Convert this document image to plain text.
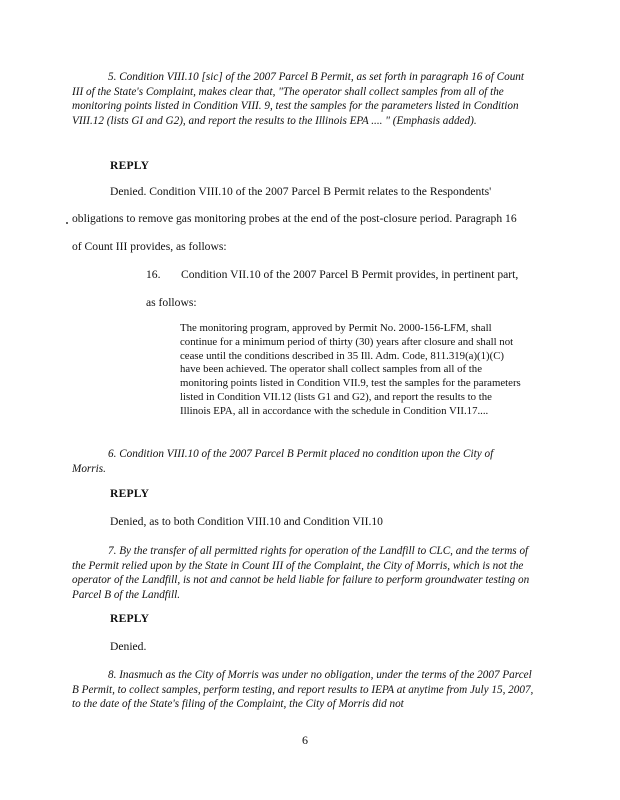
5. Condition VIII.10 [sic] of the 2007 Parcel B Permit, as set forth in paragraph 16 of Count III of the State's Complaint, makes clear that, "The operator shall collect samples from all of the monitoring points listed in Condition VIII. 9, test the samples for the parameters listed in Condition VIII.12 (lists GI and G2), and report the results to the Illinois EPA .... " (Emphasis added).

REPLY

Denied. Condition VIII.10 of the 2007 Parcel B Permit relates to the Respondents'

obligations to remove gas monitoring probes at the end of the post-closure period. Paragraph 16

of Count III provides, as follows:

16. Condition VII.10 of the 2007 Parcel B Permit provides, in pertinent part,

as follows:

The monitoring program, approved by Permit No. 2000-156-LFM, shall continue for a minimum period of thirty (30) years after closure and shall not cease until the conditions described in 35 Ill. Adm. Code, 811.319(a)(1)(C) have been achieved. The operator shall collect samples from all of the monitoring points listed in Condition VII.9, test the samples for the parameters listed in Condition VII.12 (lists G1 and G2), and report the results to the Illinois EPA, all in accordance with the schedule in Condition VII.17....

6. Condition VIII.10 of the 2007 Parcel B Permit placed no condition upon the City of Morris.

REPLY

Denied, as to both Condition VIII.10 and Condition VII.10

7. By the transfer of all permitted rights for operation of the Landfill to CLC, and the terms of the Permit relied upon by the State in Count III of the Complaint, the City of Morris, which is not the operator of the Landfill, is not and cannot be held liable for failure to perform groundwater testing on Parcel B of the Landfill.

REPLY

Denied.

8. Inasmuch as the City of Morris was under no obligation, under the terms of the 2007 Parcel B Permit, to collect samples, perform testing, and report results to IEPA at anytime from July 15, 2007, to the date of the State's filing of the Complaint, the City of Morris did not

6
